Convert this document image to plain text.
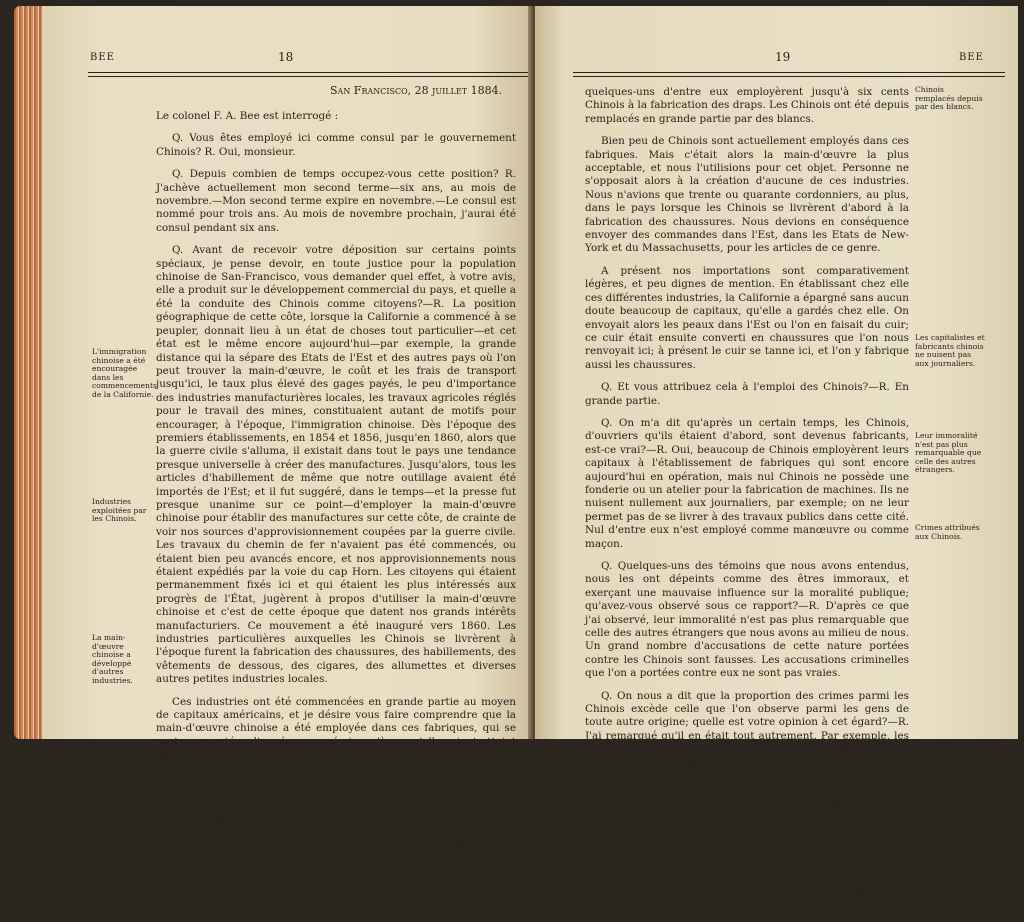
BEE	18
San Francisco, 28 juillet 1884.

Le colonel F. A. Bee est interrogé :

Q. Vous êtes employé ici comme consul par le gouvernement Chinois? R. Oui, monsieur.

Q. Depuis combien de temps occupez-vous cette position? R. J'achève actuellement mon second terme—six ans, au mois de novembre.—Mon second terme expire en novembre.—Le consul est nommé pour trois ans. Au mois de novembre prochain, j'aurai été consul pendant six ans.

Q. Avant de recevoir votre déposition sur certains points spéciaux, je pense devoir, en toute justice pour la population chinoise de San-Francisco, vous demander quel effet, à votre avis, elle a produit sur le développement commercial du pays, et quelle a été la conduite des Chinois comme citoyens?—R. La position géographique de cette côte, lorsque la Californie a commencé à se peupler, donnait lieu à un état de choses tout particulier—et cet état est le même encore aujourd'hui—par exemple, la grande distance qui la sépare des Etats de l'Est et des autres pays où l'on peut trouver la main-d'œuvre, le coût et les frais de transport jusqu'ici, le taux plus élevé des gages payés, le peu d'importance des industries manufacturières locales, les travaux agricoles réglés pour le travail des mines, constituaient autant de motifs pour encourager, à l'époque, l'immigration chinoise. Dès l'époque des premiers établissements, en 1854 et 1856, jusqu'en 1860, alors que la guerre civile s'alluma, il existait dans tout le pays une tendance presque universelle à créer des manufactures. Jusqu'alors, tous les articles d'habillement de même que notre outillage avaient été importés de l'Est; et il fut suggéré, dans le temps—et la presse fut presque unanime sur ce point—d'employer la main-d'œuvre chinoise pour établir des manufactures sur cette côte, de crainte de voir nos sources d'approvisionnement coupées par la guerre civile. Les travaux du chemin de fer n'avaient pas été commencés, ou étaient bien peu avancés encore, et nos approvisionnements nous étaient expédiés par la voie du cap Horn. Les citoyens qui étaient permanemment fixés ici et qui étaient les plus intéressés aux progrès de l'État, jugèrent à propos d'utiliser la main-d'œuvre chinoise et c'est de cette époque que datent nos grands intérêts manufacturiers. Ce mouvement a été inauguré vers 1860. Les industries particulières auxquelles les Chinois se livrèrent à l'époque furent la fabrication des chaussures, des habillements, des vêtements de dessous, des cigares, des allumettes et diverses autres petites industries locales.

Ces industries ont été commencées en grande partie au moyen de capitaux américains, et je désire vous faire comprendre que la main-d'œuvre chinoise a été employée dans ces fabriques, qui se sont augmentées d'année en année jusqu'à ce qu'elles aient atteint de très grandes proportions.

Nos achats dans l'Est à cette époque, s'élevaient à quarante millions de piastres; nous n'y envoyons pas maintenant plus de dix-huit à vingt millions pour le même objet. Le succès obtenu dans ces fabriques grâce à la main-d'œuvre chinoise en a développé d'autres, tout naturellement. L'agriculture, les fonderies, les ateliers pour la fabrication des machines et des tissus de laine ont attiré les capitaux. Nous exportions autrefois notre laine. Les capitalistes établirent des fabriques d'étoffes de laine, et

L'immigration chinoise a été encouragée dans les commencements de la Californie.
Industries exploitées par les Chinois.
La main-d'œuvre chinoise a développé d'autres industries.
19	BEE

quelques-uns d'entre eux employèrent jusqu'à six cents Chinois à la fabrication des draps. Les Chinois ont été depuis remplacés en grande partie par des blancs.

Bien peu de Chinois sont actuellement employés dans ces fabriques. Mais c'était alors la main-d'œuvre la plus acceptable, et nous l'utilisions pour cet objet. Personne ne s'opposait alors à la création d'aucune de ces industries. Nous n'avions que trente ou quarante cordonniers, au plus, dans le pays lorsque les Chinois se livrèrent d'abord à la fabrication des chaussures. Nous devions en conséquence envoyer des commandes dans l'Est, dans les Etats de New-York et du Massachusetts, pour les articles de ce genre.

A présent nos importations sont comparativement légères, et peu dignes de mention. En établissant chez elle ces différentes industries, la Californie a épargné sans aucun doute beaucoup de capitaux, qu'elle a gardés chez elle. On envoyait alors les peaux dans l'Est ou l'on en faisait du cuir; ce cuir était ensuite converti en chaussures que l'on nous renvoyait ici; à présent le cuir se tanne ici, et l'on y fabrique aussi les chaussures.

Q. Et vous attribuez cela à l'emploi des Chinois?—R. En grande partie.

Q. On m'a dit qu'après un certain temps, les Chinois, d'ouvriers qu'ils étaient d'abord, sont devenus fabricants, est-ce vrai?—R. Oui, beaucoup de Chinois employèrent leurs capitaux à l'établissement de fabriques qui sont encore aujourd'hui en opération, mais nul Chinois ne possède une fonderie ou un atelier pour la fabrication de machines. Ils ne nuisent nullement aux journaliers, par exemple; on ne leur permet pas de se livrer à des travaux publics dans cette cité. Nul d'entre eux n'est employé comme manœuvre ou comme maçon.

Q. Quelques-uns des témoins que nous avons entendus, nous les ont dépeints comme des êtres immoraux, et exerçant une mauvaise influence sur la moralité publique; qu'avez-vous observé sous ce rapport?—R. D'après ce que j'ai observé, leur immoralité n'est pas plus remarquable que celle des autres étrangers que nous avons au milieu de nous. Un grand nombre d'accusations de cette nature portées contre les Chinois sont fausses. Les accusations criminelles que l'on a portées contre eux ne sont pas vraies.

Q. On nous a dit que la proportion des crimes parmi les Chinois excède celle que l'on observe parmi les gens de toute autre origine; quelle est votre opinion à cet égard?—R. J'ai remarqué qu'il en était tout autrement. Par exemple, les archives de la police, il y a quelques années, indiquaient une proportion beaucoup plus forte de Chinois arrêtés pour des offenses criminelles. Si vous examinez ces documents, vous trouverez que soixante ou soixante-quinze pour cent de ces arrestations ont été faites pour des offenses légères, comme, par exemple, pour violation de la loi qui veut que, dans chaque logement, il y ait cinq cents pieds d'air cubes par individu. De nombreuses arrestations ont été faites dans une seule nuit pour violation de cette loi.

Q. Nous avons entendu le chef de police Crowley, et il nous a montré des livres contenant les photographies de trois ou quatre mille voleurs—tous

Chinois remplacés depuis par des blancs.
Les capitalistes et fabricants chinois ne nuisent pas aux journaliers.
Leur immoralité n'est pas plus remarquable que celle des autres étrangers.
Crimes attribués aux Chinois.
